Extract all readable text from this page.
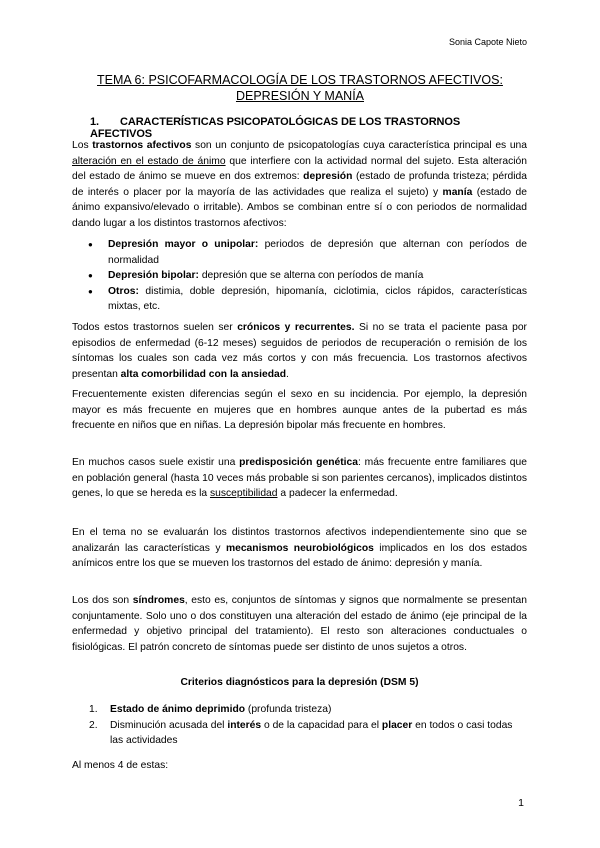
Sonia Capote Nieto
TEMA 6: PSICOFARMACOLOGÍA DE LOS TRASTORNOS AFECTIVOS:
DEPRESIÓN Y MANÍA
1. CARACTERÍSTICAS PSICOPATOLÓGICAS DE LOS TRASTORNOS AFECTIVOS

Los trastornos afectivos son un conjunto de psicopatologías cuya característica principal es una alteración en el estado de ánimo que interfiere con la actividad normal del sujeto. Esta alteración del estado de ánimo se mueve en dos extremos: depresión (estado de profunda tristeza; pérdida de interés o placer por la mayoría de las actividades que realiza el sujeto) y manía (estado de ánimo expansivo/elevado o irritable). Ambos se combinan entre sí o con periodos de normalidad dando lugar a los distintos trastornos afectivos:

● Depresión mayor o unipolar: periodos de depresión que alternan con períodos de normalidad
● Depresión bipolar: depresión que se alterna con períodos de manía
● Otros: distimia, doble depresión, hipomanía, ciclotimia, ciclos rápidos, características mixtas, etc.

Todos estos trastornos suelen ser crónicos y recurrentes. Si no se trata el paciente pasa por episodios de enfermedad (6-12 meses) seguidos de periodos de recuperación o remisión de los síntomas los cuales son cada vez más cortos y con más frecuencia. Los trastornos afectivos presentan alta comorbilidad con la ansiedad.

Frecuentemente existen diferencias según el sexo en su incidencia. Por ejemplo, la depresión mayor es más frecuente en mujeres que en hombres aunque antes de la pubertad es más frecuente en niños que en niñas. La depresión bipolar más frecuente en hombres.

En muchos casos suele existir una predisposición genética: más frecuente entre familiares que en población general (hasta 10 veces más probable si son parientes cercanos), implicados distintos genes, lo que se hereda es la susceptibilidad a padecer la enfermedad.

En el tema no se evaluarán los distintos trastornos afectivos independientemente sino que se analizarán las características y mecanismos neurobiológicos implicados en los dos estados anímicos entre los que se mueven los trastornos del estado de ánimo: depresión y manía.

Los dos son síndromes, esto es, conjuntos de síntomas y signos que normalmente se presentan conjuntamente. Solo uno o dos constituyen una alteración del estado de ánimo (eje principal de la enfermedad y objetivo principal del tratamiento). El resto son alteraciones conductuales o fisiológicas. El patrón concreto de síntomas puede ser distinto de unos sujetos a otros.

Criterios diagnósticos para la depresión (DSM 5)

1. Estado de ánimo deprimido (profunda tristeza)
2. Disminución acusada del interés o de la capacidad para el placer en todos o casi todas las actividades

Al menos 4 de estas:

1
